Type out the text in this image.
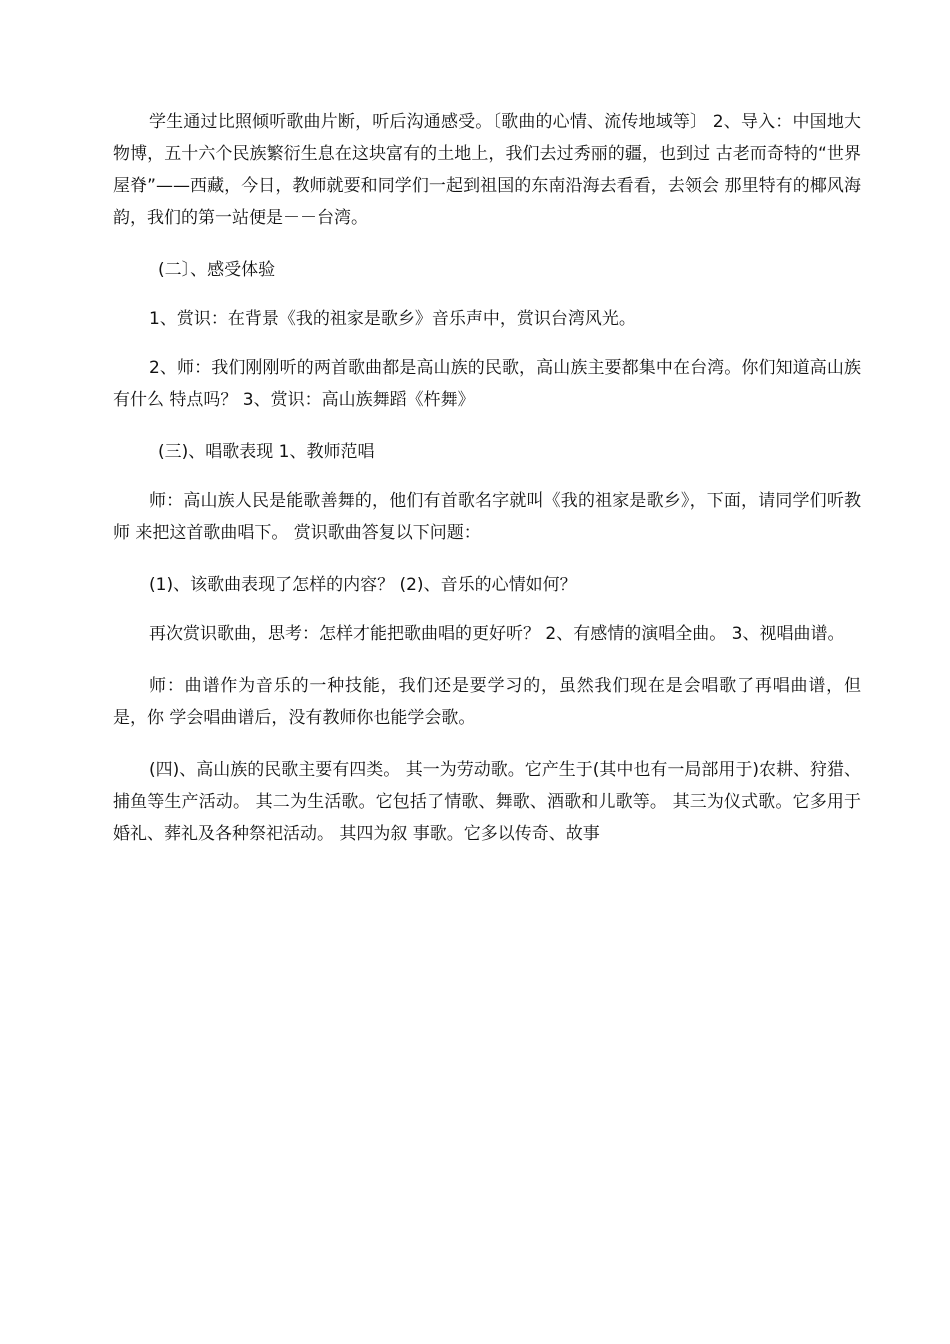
学生通过比照倾听歌曲片断，听后沟通感受。〔歌曲的心情、流传地域等〕 2、导入：中国地大物博，五十六个民族繁衍生息在这块富有的土地上，我们去过秀丽的疆，也到过 古老而奇特的“世界屋脊”——西藏，今日，教师就要和同学们一起到祖国的东南沿海去看看，去领会 那里特有的椰风海韵，我们的第一站便是－－台湾。

(二〕、感受体验

1、赏识：在背景《我的祖家是歌乡》音乐声中，赏识台湾风光。

2、师：我们刚刚听的两首歌曲都是高山族的民歌，高山族主要都集中在台湾。你们知道高山族有什么 特点吗？ 3、赏识：高山族舞蹈《杵舞》

(三)、唱歌表现 1、教师范唱

师：高山族人民是能歌善舞的，他们有首歌名字就叫《我的祖家是歌乡》，下面，请同学们听教师 来把这首歌曲唱下。 赏识歌曲答复以下问题：

(1)、该歌曲表现了怎样的内容？ (2)、音乐的心情如何？

再次赏识歌曲，思考：怎样才能把歌曲唱的更好听？ 2、有感情的演唱全曲。 3、视唱曲谱。

师：曲谱作为音乐的一种技能，我们还是要学习的，虽然我们现在是会唱歌了再唱曲谱，但是，你 学会唱曲谱后，没有教师你也能学会歌。

(四)、高山族的民歌主要有四类。 其一为劳动歌。它产生于(其中也有一局部用于)农耕、狩猎、捕鱼等生产活动。 其二为生活歌。它包括了情歌、舞歌、酒歌和儿歌等。 其三为仪式歌。它多用于婚礼、葬礼及各种祭祀活动。 其四为叙 事歌。它多以传奇、故事
